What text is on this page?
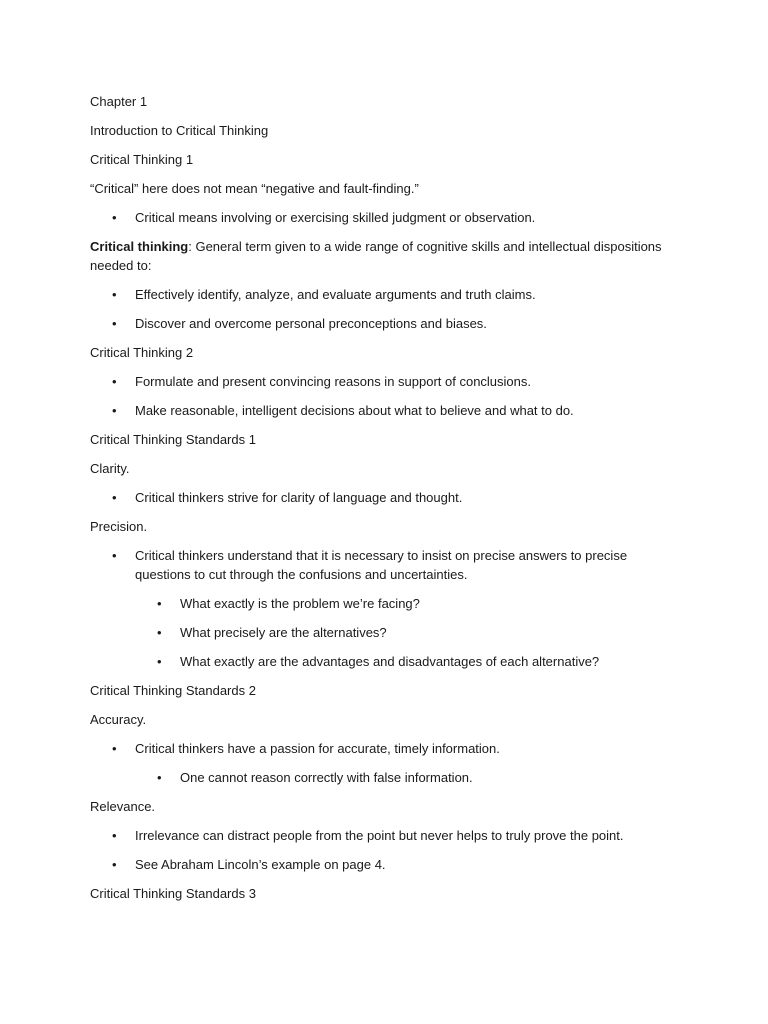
Chapter 1

Introduction to Critical Thinking

Critical Thinking 1

“Critical” here does not mean “negative and fault-finding.”

• Critical means involving or exercising skilled judgment or observation.

Critical thinking: General term given to a wide range of cognitive skills and intellectual dispositions needed to:

• Effectively identify, analyze, and evaluate arguments and truth claims.
• Discover and overcome personal preconceptions and biases.

Critical Thinking 2

• Formulate and present convincing reasons in support of conclusions.
• Make reasonable, intelligent decisions about what to believe and what to do.

Critical Thinking Standards 1

Clarity.

• Critical thinkers strive for clarity of language and thought.

Precision.

• Critical thinkers understand that it is necessary to insist on precise answers to precise questions to cut through the confusions and uncertainties.
• What exactly is the problem we’re facing?
• What precisely are the alternatives?
• What exactly are the advantages and disadvantages of each alternative?

Critical Thinking Standards 2

Accuracy.

• Critical thinkers have a passion for accurate, timely information.
• One cannot reason correctly with false information.

Relevance.

• Irrelevance can distract people from the point but never helps to truly prove the point.
• See Abraham Lincoln’s example on page 4.

Critical Thinking Standards 3
